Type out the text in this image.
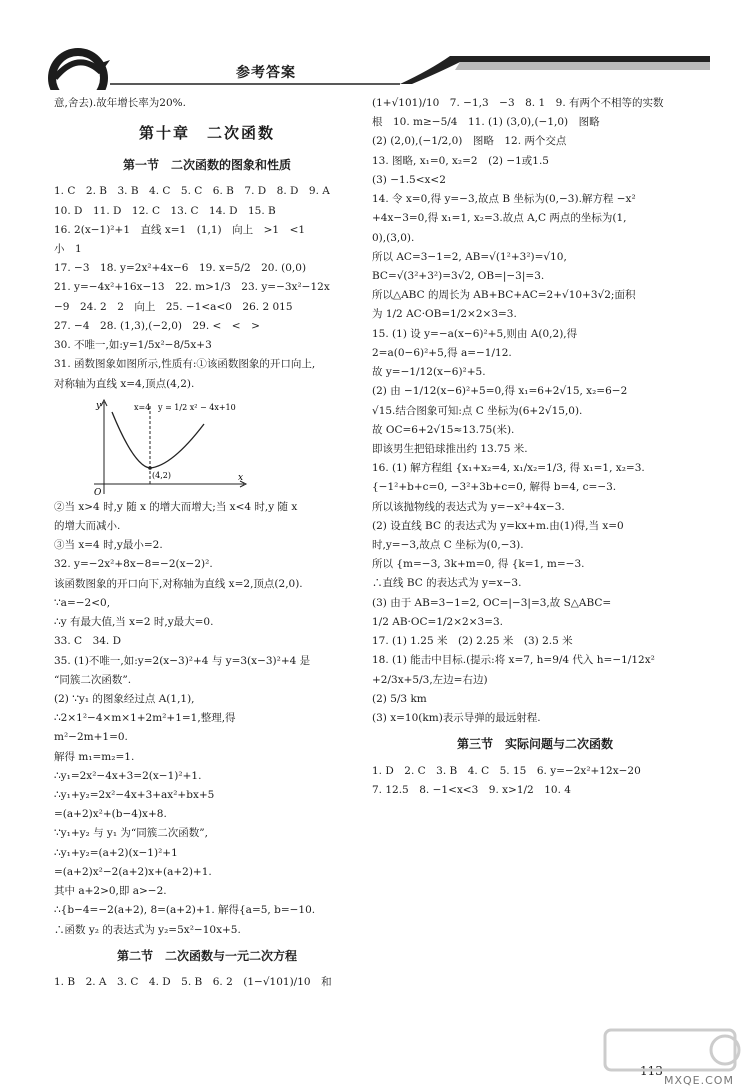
参考答案

意,舍去).故年增长率为20%.

第十章　二次函数
第一节　二次函数的图象和性质

1. C　2. B　3. B　4. C　5. C　6. B　7. D　8. D　9. A

10. D　11. D　12. C　13. C　14. D　15. B

16. 2(x−1)²+1　直线 x=1　(1,1)　向上　>1　<1

小　1

17. −3　18. y=2x²+4x−6　19. x=5/2　20. (0,0)

21. y=−4x²+16x−13　22. m>1/3　23. y=−3x²−12x

−9　24. 2　2　向上　25. −1<a<0　26. 2 015

27. −4　28. (1,3),(−2,0)　29. <　<　>

30. 不唯一,如:y=1/5x²−8/5x+3

31. 函数图象如图所示,性质有:①该函数图象的开口向上,

对称轴为直线 x=4,顶点(4,2).

y
x
O
x=4 y = 1/2 x² − 4x+10
(4,2)

②当 x>4 时,y 随 x 的增大而增大;当 x<4 时,y 随 x

的增大而减小.

③当 x=4 时,y最小=2.

32. y=−2x²+8x−8=−2(x−2)².

该函数图象的开口向下,对称轴为直线 x=2,顶点(2,0).

∵a=−2<0,

∴y 有最大值,当 x=2 时,y最大=0.

33. C　34. D

35. (1)不唯一,如:y=2(x−3)²+4 与 y=3(x−3)²+4 是

“同簇二次函数”.

(2) ∵y₁ 的图象经过点 A(1,1),

∴2×1²−4×m×1+2m²+1=1,整理,得

m²−2m+1=0.

解得 m₁=m₂=1.

∴y₁=2x²−4x+3=2(x−1)²+1.

∴y₁+y₂=2x²−4x+3+ax²+bx+5

=(a+2)x²+(b−4)x+8.

∵y₁+y₂ 与 y₁ 为“同簇二次函数”,

∴y₁+y₂=(a+2)(x−1)²+1

=(a+2)x²−2(a+2)x+(a+2)+1.

其中 a+2>0,即 a>−2.

∴{b−4=−2(a+2), 8=(a+2)+1. 解得{a=5, b=−10.

∴函数 y₂ 的表达式为 y₂=5x²−10x+5.

第二节　二次函数与一元二次方程

1. B　2. A　3. C　4. D　5. B　6. 2　(1−√101)/10　和

(1+√101)/10　7. −1,3　−3　8. 1　9. 有两个不相等的实数

根　10. m≥−5/4　11. (1) (3,0),(−1,0)　图略

(2) (2,0),(−1/2,0)　图略　12. 两个交点

13. 图略, x₁=0, x₂=2　(2) −1或1.5

(3) −1.5<x<2

14. 令 x=0,得 y=−3,故点 B 坐标为(0,−3).解方程 −x²

+4x−3=0,得 x₁=1, x₂=3.故点 A,C 两点的坐标为(1,

0),(3,0).

所以 AC=3−1=2, AB=√(1²+3²)=√10,

BC=√(3²+3²)=3√2, OB=|−3|=3.

所以△ABC 的周长为 AB+BC+AC=2+√10+3√2;面积

为 1/2 AC·OB=1/2×2×3=3.

15. (1) 设 y=−a(x−6)²+5,则由 A(0,2),得

2=a(0−6)²+5,得 a=−1/12.

故 y=−1/12(x−6)²+5.

(2) 由 −1/12(x−6)²+5=0,得 x₁=6+2√15, x₂=6−2

√15.结合图象可知:点 C 坐标为(6+2√15,0).

故 OC=6+2√15≈13.75(米).

即该男生把铅球推出约 13.75 米.

16. (1) 解方程组 {x₁+x₂=4, x₁/x₂=1/3, 得 x₁=1, x₂=3.

{−1²+b+c=0, −3²+3b+c=0, 解得 b=4, c=−3.

所以该抛物线的表达式为 y=−x²+4x−3.

(2) 设直线 BC 的表达式为 y=kx+m.由(1)得,当 x=0

时,y=−3,故点 C 坐标为(0,−3).

所以 {m=−3, 3k+m=0, 得 {k=1, m=−3.

∴直线 BC 的表达式为 y=x−3.

(3) 由于 AB=3−1=2, OC=|−3|=3,故 S△ABC=

1/2 AB·OC=1/2×2×3=3.

17. (1) 1.25 米　(2) 2.25 米　(3) 2.5 米

18. (1) 能击中目标.(提示:将 x=7, h=9/4 代入 h=−1/12x²

+2/3x+5/3,左边=右边)

(2) 5/3 km

(3) x=10(km)表示导弹的最远射程.

第三节　实际问题与二次函数

1. D　2. C　3. B　4. C　5. 15　6. y=−2x²+12x−20

7. 12.5　8. −1<x<3　9. x>1/2　10. 4

113
MXQE.COM
